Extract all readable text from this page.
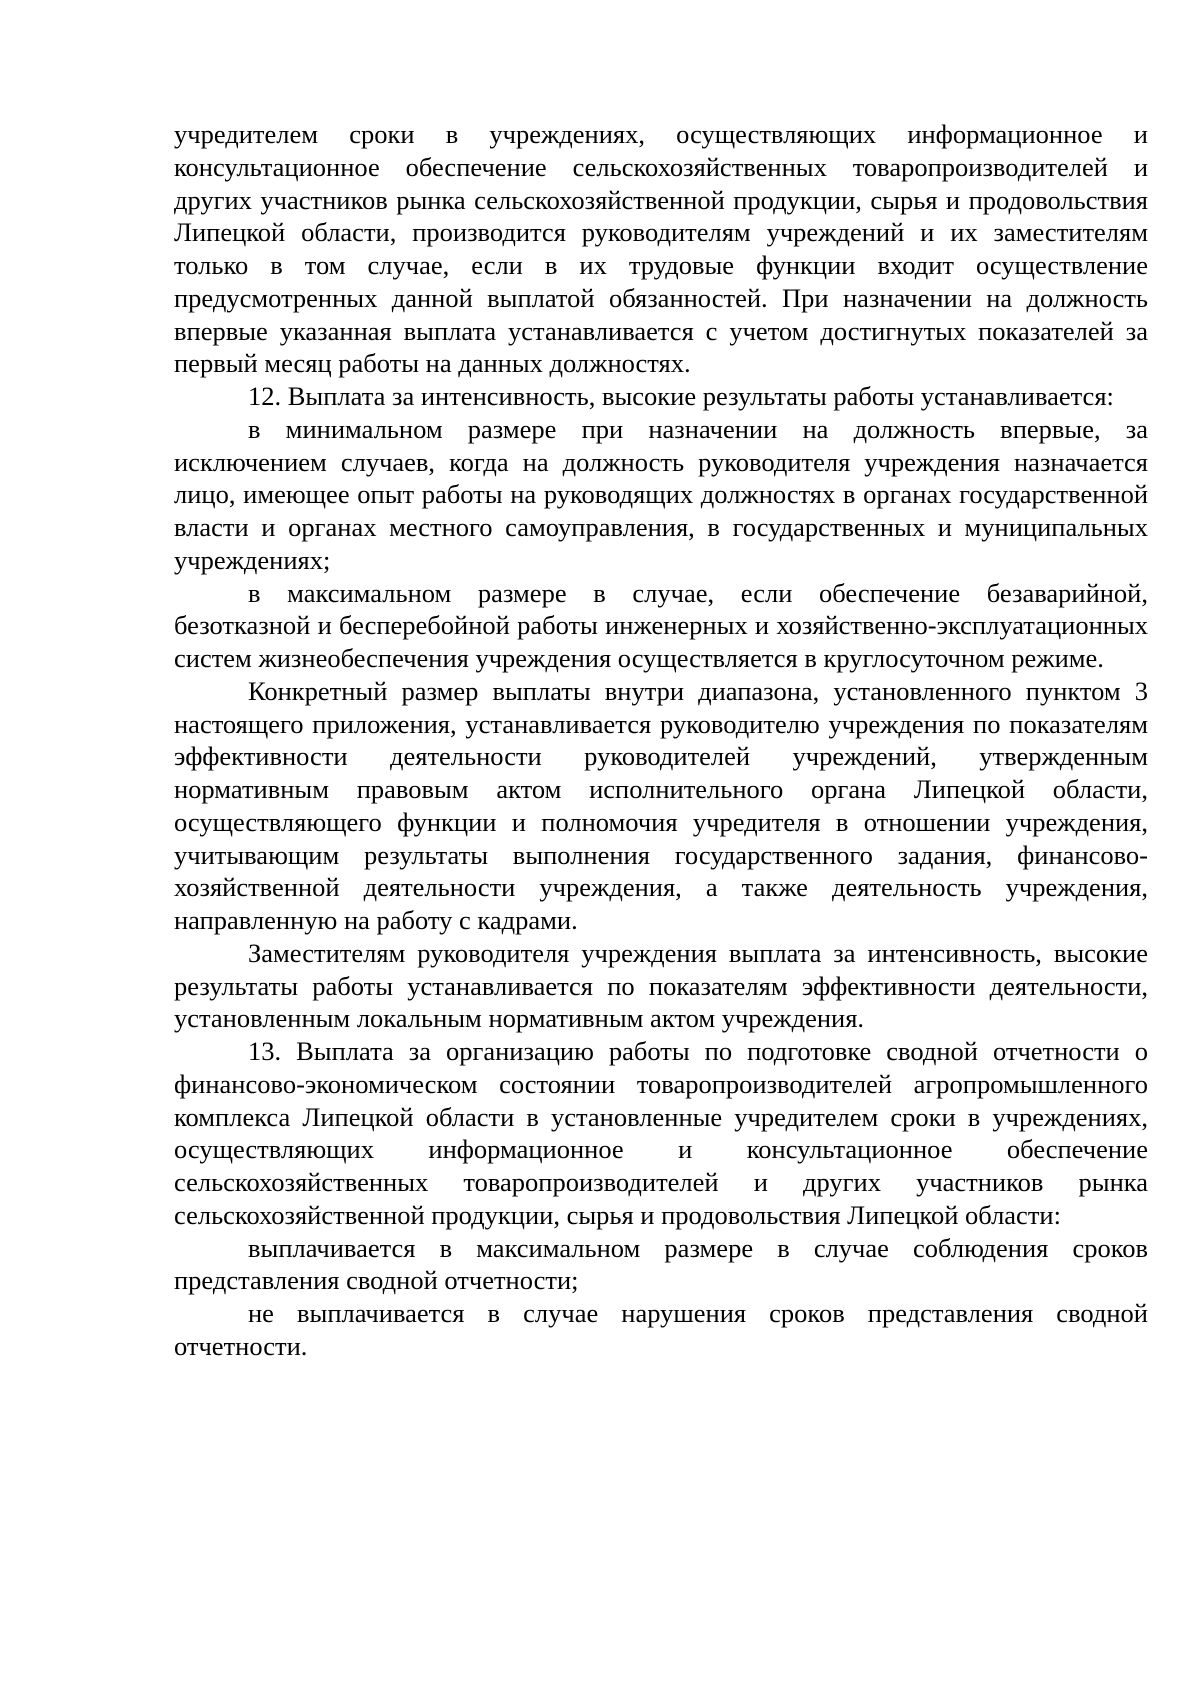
учредителем сроки в учреждениях, осуществляющих информационное и консультационное обеспечение сельскохозяйственных товаропроизводителей и других участников рынка сельскохозяйственной продукции, сырья и продовольствия Липецкой области, производится руководителям учреждений и их заместителям только в том случае, если в их трудовые функции входит осуществление предусмотренных данной выплатой обязанностей. При назначении на должность впервые указанная выплата устанавливается с учетом достигнутых показателей за первый месяц работы на данных должностях.

12. Выплата за интенсивность, высокие результаты работы устанавливается:

в минимальном размере при назначении на должность впервые, за исключением случаев, когда на должность руководителя учреждения назначается лицо, имеющее опыт работы на руководящих должностях в органах государственной власти и органах местного самоуправления, в государственных и муниципальных учреждениях;

в максимальном размере в случае, если обеспечение безаварийной, безотказной и бесперебойной работы инженерных и хозяйственно-эксплуатационных систем жизнеобеспечения учреждения осуществляется в круглосуточном режиме.

Конкретный размер выплаты внутри диапазона, установленного пунктом 3 настоящего приложения, устанавливается руководителю учреждения по показателям эффективности деятельности руководителей учреждений, утвержденным нормативным правовым актом исполнительного органа Липецкой области, осуществляющего функции и полномочия учредителя в отношении учреждения, учитывающим результаты выполнения государственного задания, финансово-хозяйственной деятельности учреждения, а также деятельность учреждения, направленную на работу с кадрами.

Заместителям руководителя учреждения выплата за интенсивность, высокие результаты работы устанавливается по показателям эффективности деятельности, установленным локальным нормативным актом учреждения.

13. Выплата за организацию работы по подготовке сводной отчетности о финансово-экономическом состоянии товаропроизводителей агропромышленного комплекса Липецкой области в установленные учредителем сроки в учреждениях, осуществляющих информационное и консультационное обеспечение сельскохозяйственных товаропроизводителей и других участников рынка сельскохозяйственной продукции, сырья и продовольствия Липецкой области:

выплачивается в максимальном размере в случае соблюдения сроков представления сводной отчетности;

не выплачивается в случае нарушения сроков представления сводной отчетности.
